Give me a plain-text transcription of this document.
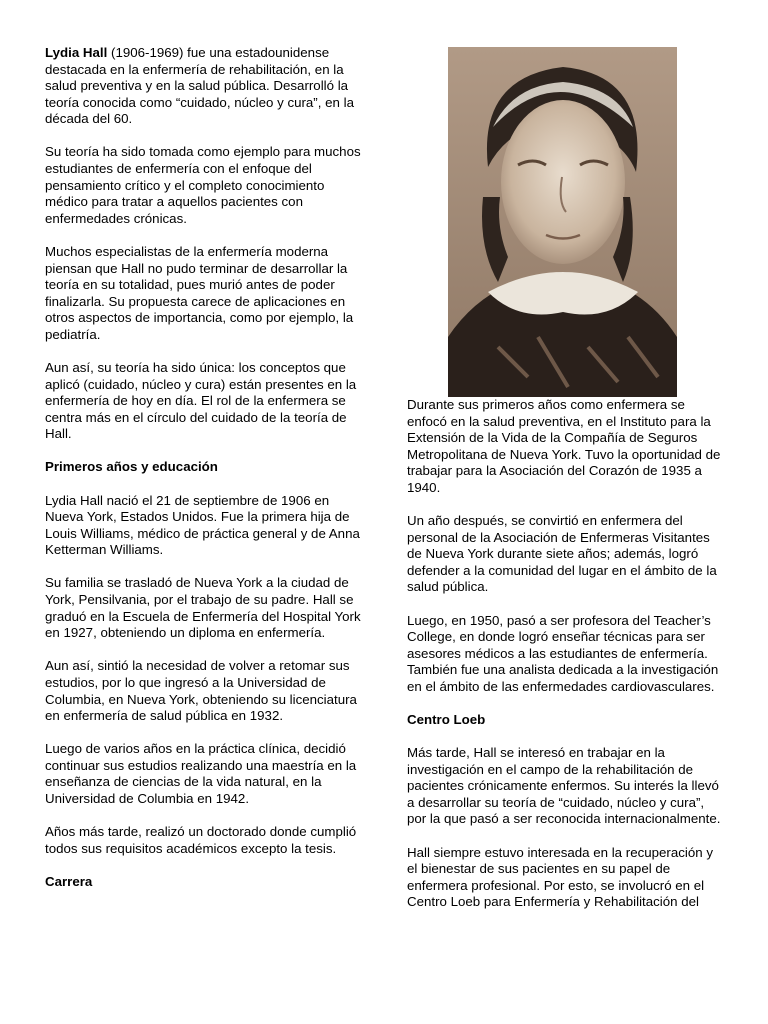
Lydia Hall (1906-1969) fue una estadounidense destacada en la enfermería de rehabilitación, en la salud preventiva y en la salud pública. Desarrolló la teoría conocida como “cuidado, núcleo y cura”, en la década del 60.

Su teoría ha sido tomada como ejemplo para muchos estudiantes de enfermería con el enfoque del pensamiento crítico y el completo conocimiento médico para tratar a aquellos pacientes con enfermedades crónicas.

Muchos especialistas de la enfermería moderna piensan que Hall no pudo terminar de desarrollar la teoría en su totalidad, pues murió antes de poder finalizarla. Su propuesta carece de aplicaciones en otros aspectos de importancia, como por ejemplo, la pediatría.

Aun así, su teoría ha sido única: los conceptos que aplicó (cuidado, núcleo y cura) están presentes en la enfermería de hoy en día. El rol de la enfermera se centra más en el círculo del cuidado de la teoría de Hall.

Primeros años y educación

Lydia Hall nació el 21 de septiembre de 1906 en Nueva York, Estados Unidos. Fue la primera hija de Louis Williams, médico de práctica general y de Anna Ketterman Williams.

Su familia se trasladó de Nueva York a la ciudad de York, Pensilvania, por el trabajo de su padre. Hall se graduó en la Escuela de Enfermería del Hospital York en 1927, obteniendo un diploma en enfermería.

Aun así, sintió la necesidad de volver a retomar sus estudios, por lo que ingresó a la Universidad de Columbia, en Nueva York, obteniendo su licenciatura en enfermería de salud pública en 1932.

Luego de varios años en la práctica clínica, decidió continuar sus estudios realizando una maestría en la enseñanza de ciencias de la vida natural, en la Universidad de Columbia en 1942.

Años más tarde, realizó un doctorado donde cumplió todos sus requisitos académicos excepto la tesis.

Carrera

Durante sus primeros años como enfermera se enfocó en la salud preventiva, en el Instituto para la Extensión de la Vida de la Compañía de Seguros Metropolitana de Nueva York. Tuvo la oportunidad de trabajar para la Asociación del Corazón de 1935 a 1940.

Un año después, se convirtió en enfermera del personal de la Asociación de Enfermeras Visitantes de Nueva York durante siete años; además, logró defender a la comunidad del lugar en el ámbito de la salud pública.

Luego, en 1950, pasó a ser profesora del Teacher’s College, en donde logró enseñar técnicas para ser asesores médicos a las estudiantes de enfermería. También fue una analista dedicada a la investigación en el ámbito de las enfermedades cardiovasculares.

Centro Loeb

Más tarde, Hall se interesó en trabajar en la investigación en el campo de la rehabilitación de pacientes crónicamente enfermos. Su interés la llevó a desarrollar su teoría de “cuidado, núcleo y cura”, por la que pasó a ser reconocida internacionalmente.

Hall siempre estuvo interesada en la recuperación y el bienestar de sus pacientes en su papel de enfermera profesional. Por esto, se involucró en el Centro Loeb para Enfermería y Rehabilitación del
